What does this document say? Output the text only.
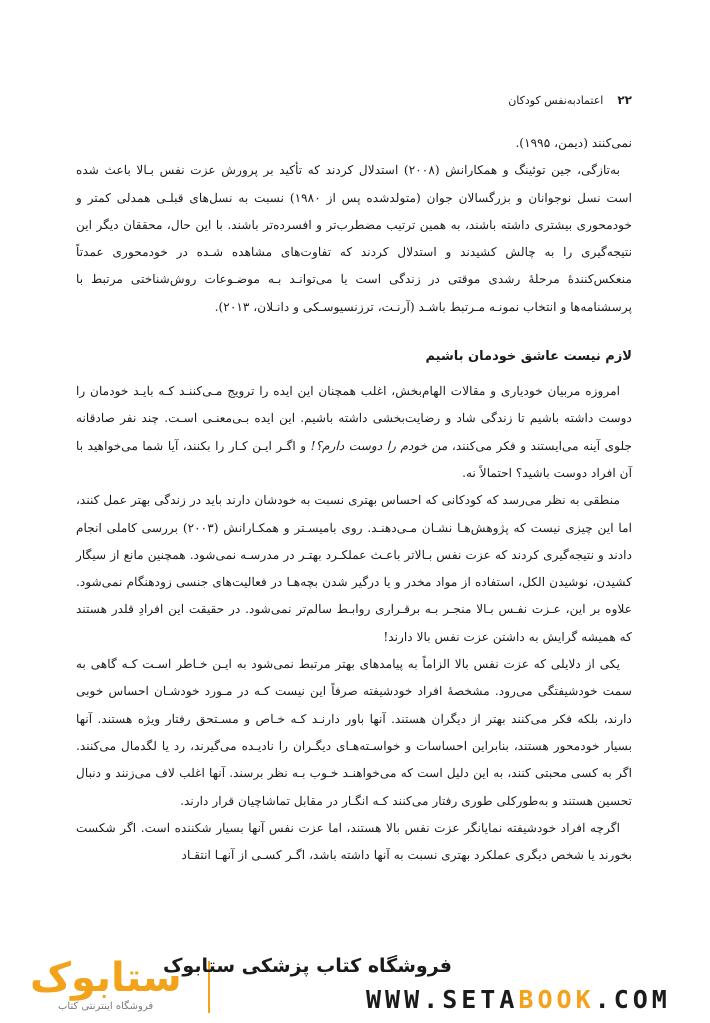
۲۲
اعتمادبه‌نفس کودکان

نمی‌کنند (دیمن، ۱۹۹۵).

به‌تازگی، جین توئینگ و همکارانش (۲۰۰۸) استدلال کردند که تأکید بر پرورش عزت نفس بـالا باعث شده است نسل نوجوانان و بزرگسالان جوان (متولدشده پس از ۱۹۸۰) نسبت به نسل‌های قبلـی همدلی کمتر و خودمحوری بیشتری داشته باشند، به همین ترتیب مضطرب‌تر و افسرده‌تر باشند. با این حال، محققان دیگر این نتیجه‌گیری را به چالش کشیدند و استدلال کردند که تفاوت‌های مشاهده شـده در خودمحوری عمدتاً منعکس‌کنندهٔ مرحلهٔ رشدی موقتی در زندگی است یا می‌توانـد بـه موضـوعات روش‌شناختی مرتبط با پرسشنامه‌ها و انتخاب نمونـه مـرتبط باشـد (آرنـت، ترزنسیوسـکی و دانـلان، ۲۰۱۳).

لازم نیست عاشق خودمان باشیم

امروزه مربیان خودیاری و مقالات الهام‌بخش، اغلب همچنان این ایده را ترویج مـی‌کننـد کـه بایـد خودمان را دوست داشته باشیم تا زندگی شاد و رضایت‌بخشی داشته باشیم. این ایده بـی‌معنـی اسـت. چند نفر صادقانه جلوی آینه می‌ایستند و فکر می‌کنند، من خودم را دوست دارم؟! و اگـر ایـن کـار را بکنند، آیا شما می‌خواهید با آن افراد دوست باشید؟ احتمالاً نه.

منطقی به نظر می‌رسد که کودکانی که احساس بهتری نسبت به خودشان دارند باید در زندگی بهتر عمل کنند، اما این چیزی نیست که پژوهش‌هـا نشـان مـی‌دهنـد. روی بامیسـتر و همکـارانش (۲۰۰۳) بررسی کاملی انجام دادند و نتیجه‌گیری کردند که عزت نفس بـالاتر باعـث عملکـرد بهتـر در مدرسـه نمی‌شود. همچنین مانع از سیگار کشیدن، نوشیدن الکل، استفاده از مواد مخدر و یا درگیر شدن بچه‌هـا در فعالیت‌های جنسی زودهنگام نمی‌شود. علاوه بر این، عـزت نفـس بـالا منجـر بـه برقـراری روابـط سالم‌تر نمی‌شود. در حقیقت این افرادِ قلدر هستند که همیشه گرایش به داشتن عزت نفس بالا دارند!

یکی از دلایلی که عزت نفس بالا الزاماً به پیامدهای بهتر مرتبط نمی‌شود به ایـن خـاطر اسـت کـه گاهی به سمت خودشیفتگی می‌رود. مشخصهٔ افراد خودشیفته صرفاً این نیست کـه در مـورد خودشـان احساس خوبی دارند، بلکه فکر می‌کنند بهتر از دیگران هستند. آنها باور دارنـد کـه خـاص و مسـتحق رفتار ویژه هستند. آنها بسیار خودمحور هستند، بنابراین احساسات و خواسـته‌هـای دیگـران را نادیـده می‌گیرند، رد یا لگدمال می‌کنند. اگر به کسی محبتی کنند، به این دلیل است که می‌خواهنـد خـوب بـه نظر برسند. آنها اغلب لاف می‌زنند و دنبال تحسین هستند و به‌طورکلی طوری رفتار می‌کنند کـه انگـار در مقابل تماشاچیان قرار دارند.

اگرچه افراد خودشیفته نمایانگر عزت نفس بالا هستند، اما عزت نفس آنها بسیار شکننده است. اگر شکست بخورند یا شخص دیگری عملکرد بهتری نسبت به آنها داشته باشد، اگـر کسـی از آنهـا انتقـاد

ستابوک
فروشگاه اینترنتی کتاب
فروشگاه کتاب پزشکی ستابوک
WWW.SETABOOK.COM
